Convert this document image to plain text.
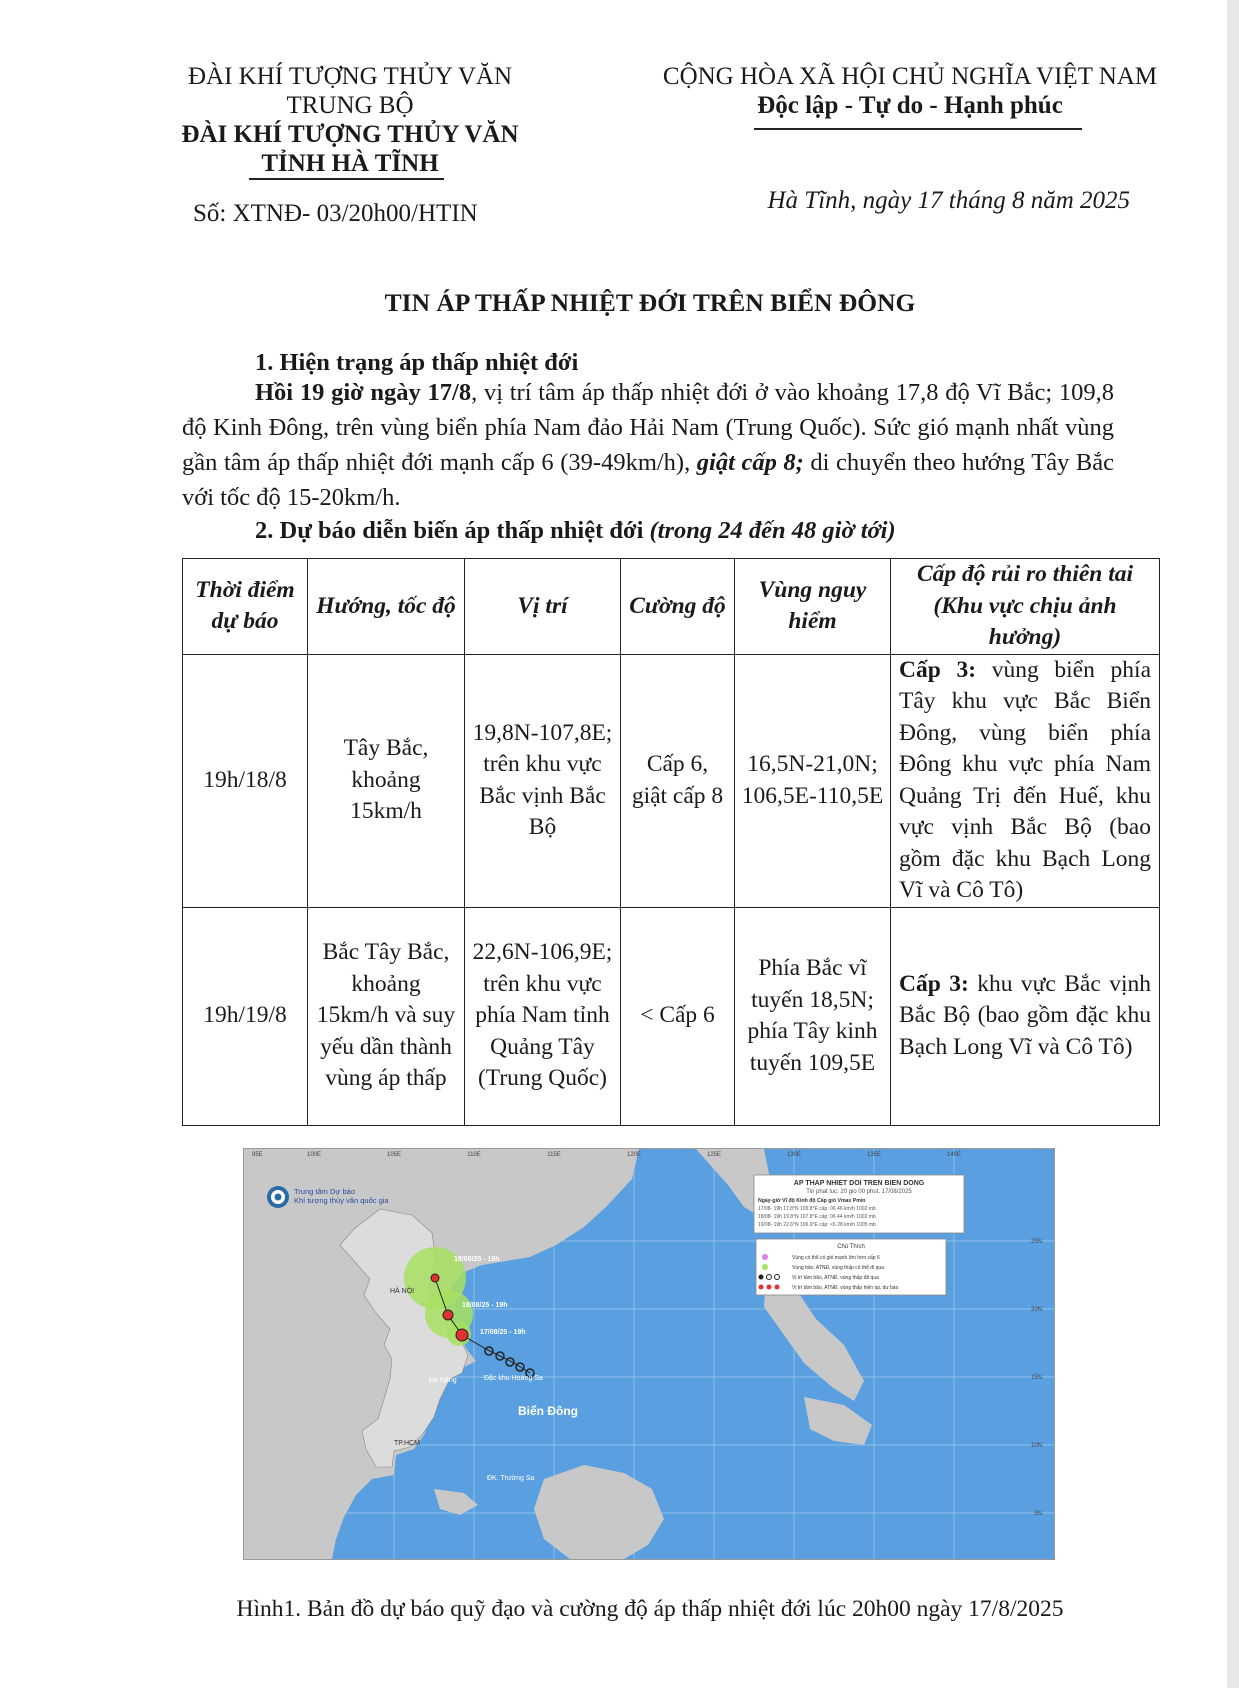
ĐÀI KHÍ TƯỢNG THỦY VĂN
TRUNG BỘ
ĐÀI KHÍ TƯỢNG THỦY VĂN
TỈNH HÀ TĨNH
Số: XTNĐ- 03/20h00/HTIN
CỘNG HÒA XÃ HỘI CHỦ NGHĨA VIỆT NAM
Độc lập - Tự do - Hạnh phúc
Hà Tĩnh, ngày 17 tháng 8 năm 2025
TIN ÁP THẤP NHIỆT ĐỚI TRÊN BIỂN ĐÔNG
1. Hiện trạng áp thấp nhiệt đới
Hồi 19 giờ ngày 17/8, vị trí tâm áp thấp nhiệt đới ở vào khoảng 17,8 độ Vĩ Bắc; 109,8 độ Kinh Đông, trên vùng biển phía Nam đảo Hải Nam (Trung Quốc). Sức gió mạnh nhất vùng gần tâm áp thấp nhiệt đới mạnh cấp 6 (39-49km/h), giật cấp 8; di chuyển theo hướng Tây Bắc với tốc độ 15-20km/h.
2. Dự báo diễn biến áp thấp nhiệt đới (trong 24 đến 48 giờ tới)
Thời điểm dự báo	Hướng, tốc độ	Vị trí	Cường độ	Vùng nguy hiểm	Cấp độ rủi ro thiên tai (Khu vực chịu ảnh hưởng)
19h/18/8	Tây Bắc, khoảng 15km/h	19,8N-107,8E; trên khu vực Bắc vịnh Bắc Bộ	Cấp 6, giật cấp 8	16,5N-21,0N; 106,5E-110,5E	Cấp 3: vùng biển phía Tây khu vực Bắc Biển Đông, vùng biển phía Đông khu vực phía Nam Quảng Trị đến Huế, khu vực vịnh Bắc Bộ (bao gồm đặc khu Bạch Long Vĩ và Cô Tô)
19h/19/8	Bắc Tây Bắc, khoảng 15km/h và suy yếu dần thành vùng áp thấp	22,6N-106,9E; trên khu vực phía Nam tỉnh Quảng Tây (Trung Quốc)	< Cấp 6	Phía Bắc vĩ tuyến 18,5N; phía Tây kinh tuyến 109,5E	Cấp 3: khu vực Bắc vịnh Bắc Bộ (bao gồm đặc khu Bạch Long Vĩ và Cô Tô)
Trung tâm Dự báo
Khí tượng thủy văn quốc gia
19/08/25 - 19h
18/08/25 - 19h
17/08/25 - 19h
HÀ NỘI
Đà Nẵng	Đặc khu Hoàng Sa
Biển Đông
TP.HCM
ĐK. Trường Sa
AP THAP NHIET DOI TREN BIEN DONG
Tin phat luc: 20 gio 00 phut, 17/08/2025
Ngày-giờ Vĩ độ Kinh độ Cấp gió Vmax Pmin
17/08- 19h 17.8°N 109.8°E cấp: 06 46 km/h 1002 mb
18/08- 19h 19.8°N 107.8°E cấp: 06 44 km/h 1002 mb
19/08- 19h 22.6°N 106.9°E cấp: <6 28 km/h 1005 mb
Chú Thích
Vùng có thể có gió mạnh lớn hơn cấp 6
Vùng bão, ATNĐ, vùng thấp có thể đi qua
Vị trí tâm bão, ATNĐ, vùng thấp đã qua
Vị trí tâm bão, ATNĐ, vùng thấp hiện tại, dự báo
100E	105E	110E	115E	120E	125E	130E	135E	140E
95E
25N
20N
15N
10N
5N
Hình1. Bản đồ dự báo quỹ đạo và cường độ áp thấp nhiệt đới lúc 20h00 ngày 17/8/2025
